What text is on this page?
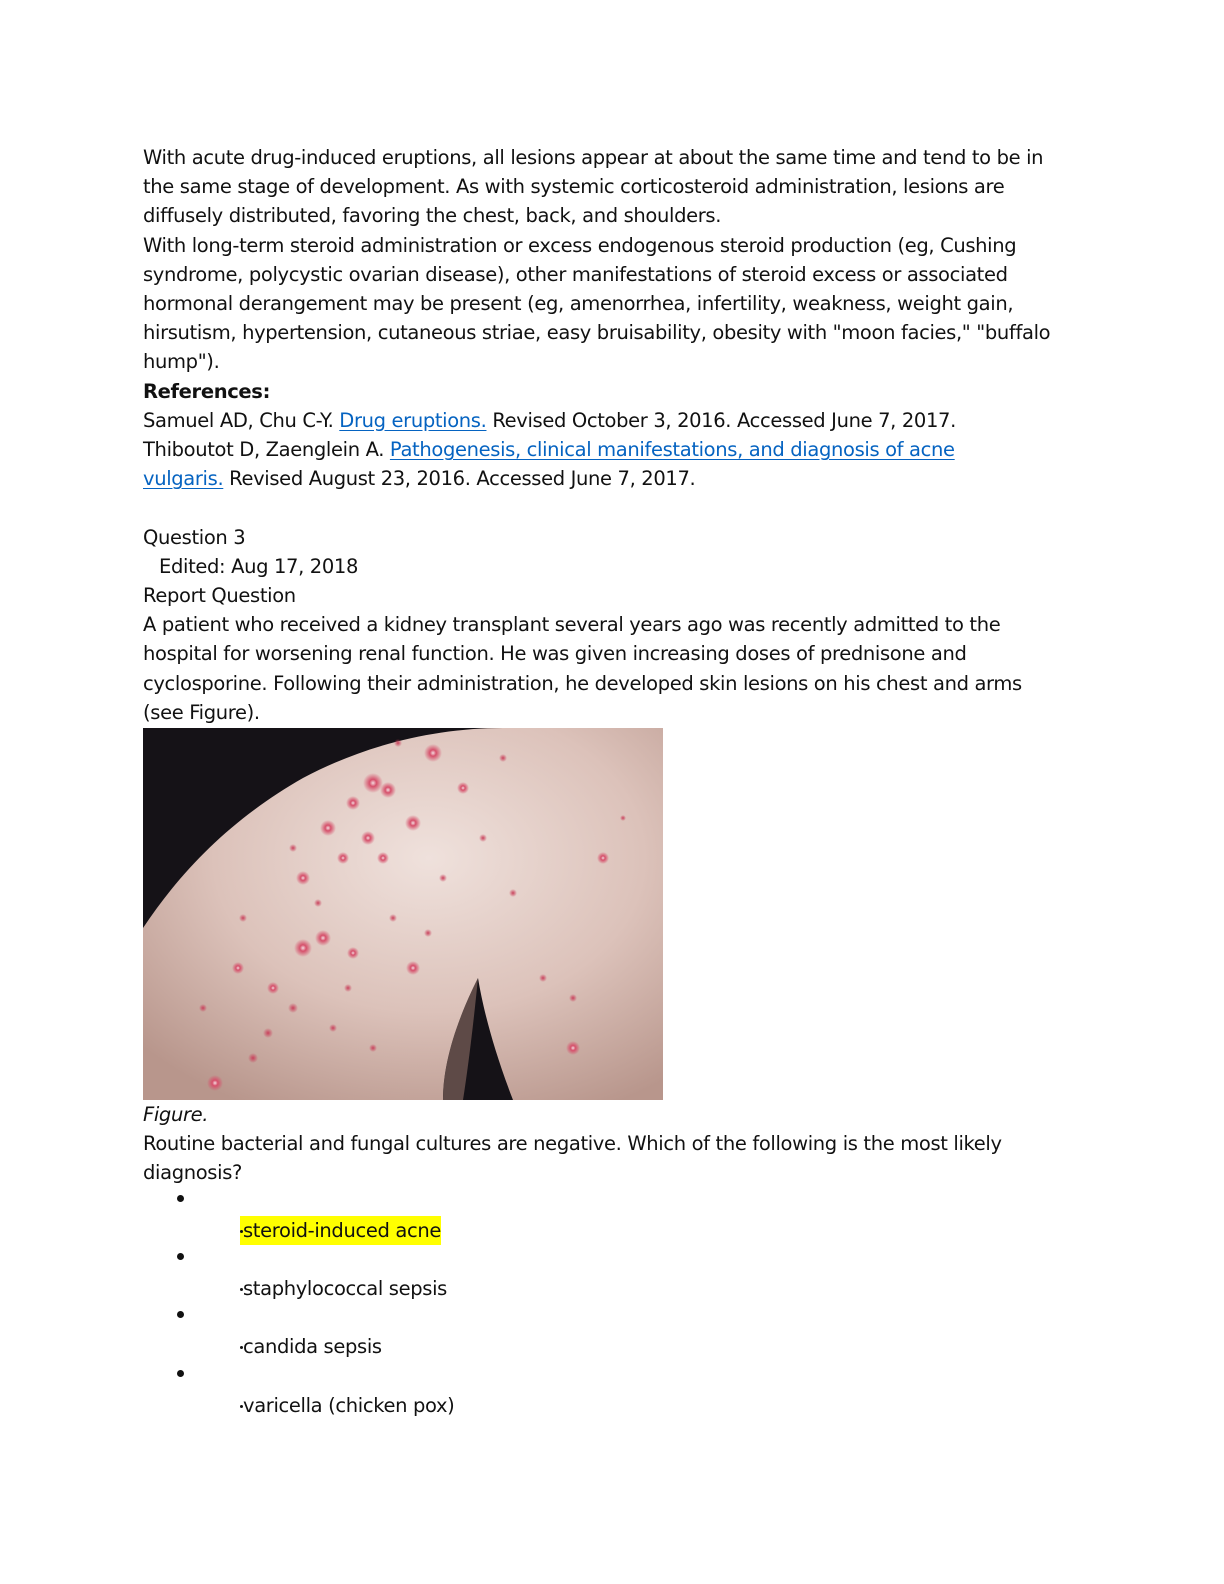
With acute drug-induced eruptions, all lesions appear at about the same time and tend to be in
the same stage of development. As with systemic corticosteroid administration, lesions are
diffusely distributed, favoring the chest, back, and shoulders.
With long-term steroid administration or excess endogenous steroid production (eg, Cushing
syndrome, polycystic ovarian disease), other manifestations of steroid excess or associated
hormonal derangement may be present (eg, amenorrhea, infertility, weakness, weight gain,
hirsutism, hypertension, cutaneous striae, easy bruisability, obesity with "moon facies," "buffalo
hump").
References:
Samuel AD, Chu C-Y. Drug eruptions. Revised October 3, 2016. Accessed June 7, 2017.
Thiboutot D, Zaenglein A. Pathogenesis, clinical manifestations, and diagnosis of acne
vulgaris. Revised August 23, 2016. Accessed June 7, 2017.
Question 3
Edited: Aug 17, 2018
Report Question
A patient who received a kidney transplant several years ago was recently admitted to the
hospital for worsening renal function. He was given increasing doses of prednisone and
cyclosporine. Following their administration, he developed skin lesions on his chest and arms
(see Figure).
Figure.
Routine bacterial and fungal cultures are negative. Which of the following is the most likely
diagnosis?
steroid-induced acne
staphylococcal sepsis
candida sepsis
varicella (chicken pox)
